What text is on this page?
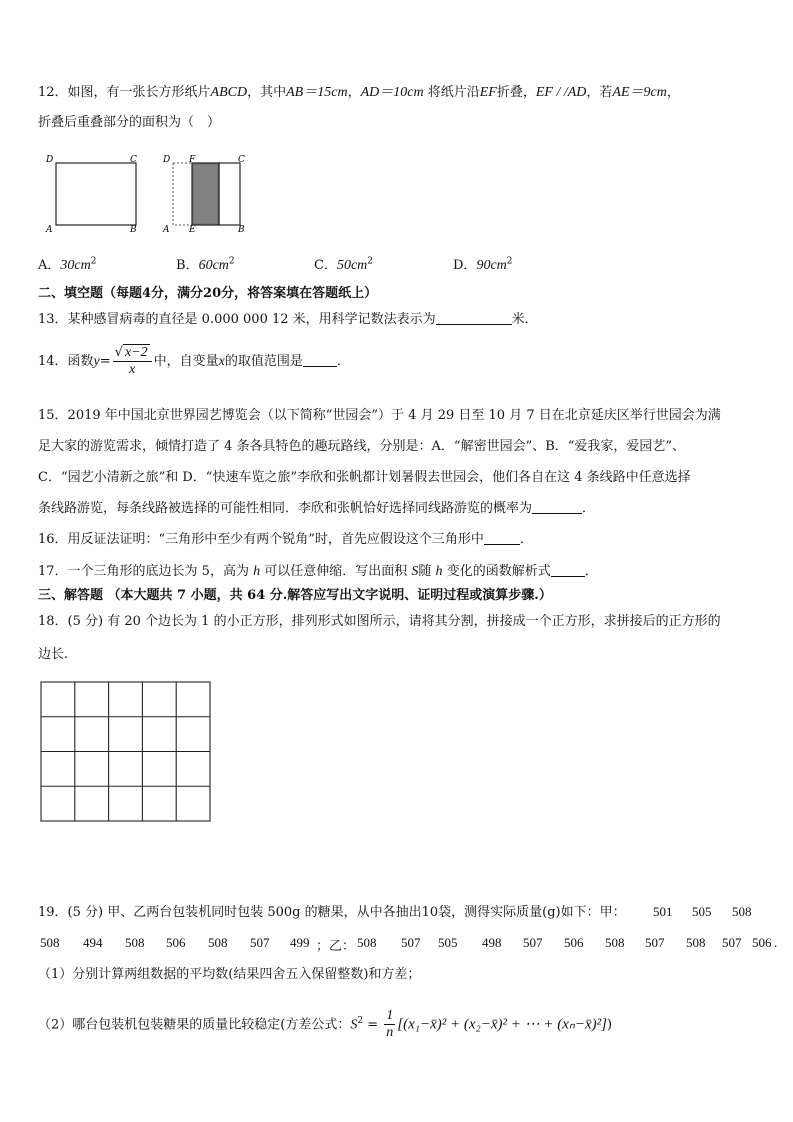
12．如图，有一张长方形纸片ABCD，其中AB＝15cm，AD＝10cm 将纸片沿EF折叠，EF / /AD，若AE＝9cm，
折叠后重叠部分的面积为（　）
D	C
A	B
D F	C
A E	B
A．$30cm^2$	B．$60cm^2$	C．$50cm^2$	D．$90cm^2$
二、填空题（每题4分，满分20分，将答案填在答题纸上）
13．某种感冒病毒的直径是 0.000 000 12 米，用科学记数法表示为	米．
14．函数$y= \frac{√ x-2}{x}$ 中，自变量x的取值范围是	．
15．2019 年中国北京世界园艺博览会（以下简称“世园会”）于 4 月 29 日至 10 月 7 日在北京延庆区举行世园会为满
足大家的游览需求，倾情打造了 4 条各具特色的趣玩路线，分别是：A．“解密世园会”、B．“爱我家，爱园艺”、
C．“园艺小清新之旅”和 D．“快速车览之旅”李欣和张帆都计划暑假去世园会，他们各自在这 4 条线路中任意选择
条线路游览，每条线路被选择的可能性相同．李欣和张帆恰好选择同线路游览的概率为	．
16．用反证法证明：“三角形中至少有两个锐角”时，首先应假设这个三角形中	．
17．一个三角形的底边长为 5，高为 h 可以任意伸缩．写出面积 S随 h 变化的函数解析式	．
三、解答题 （本大题共 7 小题，共 64 分.解答应写出文字说明、证明过程或演算步骤.）
18．(5 分) 有 20 个边长为 1 的小正方形，排列形式如图所示，请将其分割，拼接成一个正方形，求拼接后的正方形的
边长.
19．(5 分) 甲、乙两台包装机同时包装 500g 的糖果，从中各抽出10袋，测得实际质量(g)如下：甲： 501 505 508
508 494 508 506 508 507 499 ；乙： 508 507 505 498 507 506 508 507 508 507 506 .
（1）分别计算两组数据的平均数(结果四舍五入保留整数)和方差；
（2）哪台包装机包装糖果的质量比较稳定(方差公式：$S^2 = \frac{1}{n}$ [(x₁−x̄)² + (x₂−x̄)² + ⋯ + (xₙ−x̄)²])
